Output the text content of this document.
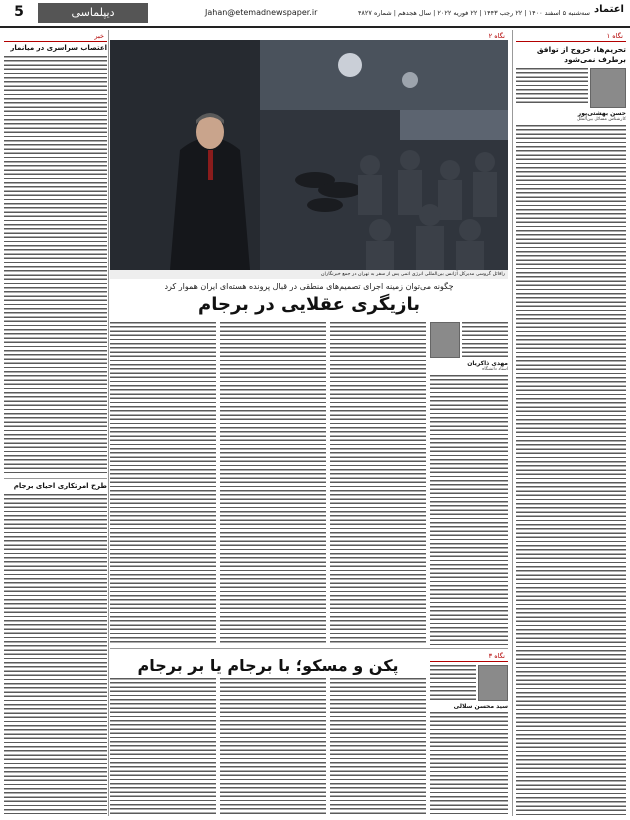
5	دیپلماسی	Jahan@etemadnewspaper.ir	سه‌شنبه ۵ اسفند ۱۴۰۰ | ۲۲ رجب ۱۴۴۳ | ۲۲ فوریه ۲۰۲۲ | سال هجدهم | شماره ۴۸۲۷ اعتماد
نگاه ۱
تحریم‌ها، خروج از توافق برطرف نمی‌شود
حسن بهشتی‌پور
کارشناس مسائل بین‌الملل
خبر
اعتصاب سراسری در میانمار
طرح امرتکاری احیای برجام
نگاه ۲
رافائل گروسی مدیرکل آژانس بین‌المللی انرژی اتمی پس از سفر به تهران در جمع خبرنگاران
چگونه می‌توان زمینه اجرای تصمیم‌های منطقی در قبال پرونده هسته‌ای ایران هموار کرد
بازیگری عقلایی در برجام
مهدی ذاکریان
استاد دانشگاه
نگاه ۳
پکن و مسکو؛ با برجام یا بر برجام
سید محسن سلالی
